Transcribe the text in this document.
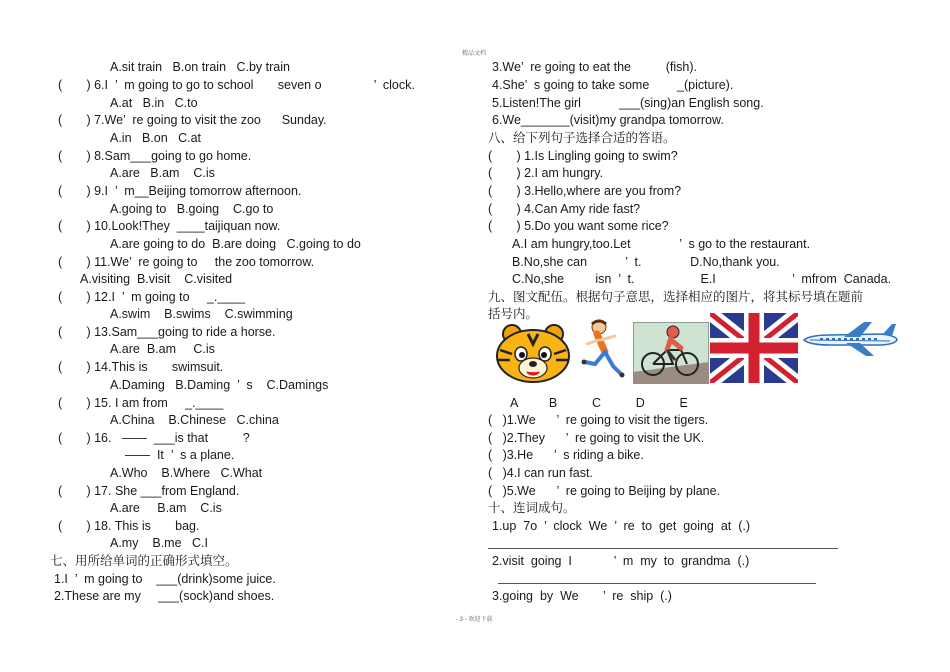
精品文档
A.sit train   B.on train   C.by train
(       ) 6.I  ’  m going to go to school       seven o               ’  clock.
A.at   B.in   C.to
(       ) 7.We’  re going to visit the zoo      Sunday.
A.in   B.on   C.at
(       ) 8.Sam___going to go home.
A.are   B.am    C.is
(       ) 9.I  ’  m__Beijing tomorrow afternoon.
A.going to   B.going    C.go to
(       ) 10.Look!They  ____taijiquan now.
A.are going to do  B.are doing   C.going to do
(       ) 11.We’  re going to     the zoo tomorrow.
A.visiting  B.visit    C.visited
(       ) 12.I  ’  m going to     _.____
A.swim    B.swims    C.swimming
(       ) 13.Sam___going to ride a horse.
A.are  B.am     C.is
(       ) 14.This is       swimsuit.
A.Daming   B.Daming  ’  s    C.Damings
(       ) 15. I am from     _.____
A.China    B.Chinese   C.china
(       ) 16.   ——  ___is that          ?
——  It  ’  s a plane.
A.Who    B.Where   C.What
(       ) 17. She ___from England.
A.are     B.am    C.is
(       ) 18. This is       bag.
A.my    B.me   C.I
七、用所给单词的正确形式填空。
1.I  ’  m going to    ___(drink)some juice.
2.These are my     ___(sock)and shoes.
3.We’  re going to eat the          (fish).
4.She’  s going to take some        _(picture).
5.Listen!The girl           ___(sing)an English song.
6.We_______(visit)my grandpa tomorrow.
八、给下列句子选择合适的答语。
(       ) 1.Is Lingling going to swim?
(       ) 2.I am hungry.
(       ) 3.Hello,where are you from?
(       ) 4.Can Amy ride fast?
(       ) 5.Do you want some rice?
A.I am hungry,too.Let              ’  s go to the restaurant.
B.No,she can           ’  t.              D.No,thank you.
C.No,she         isn  ’  t.                   E.I                      ’  mfrom  Canada.
九、图文配伍。根据句子意思，选择相应的图片，将其标号填在题前
括号内。
A         B          C          D          E
(   )1.We      ’  re going to visit the tigers.
(   )2.They      ’  re going to visit the UK.
(   )3.He      ’  s riding a bike.
(   )4.I can run fast.
(   )5.We      ’  re going to Beijing by plane.
十、连词成句。
1.up  7o  ’  clock  We  ’  re  to  get  going  at  (.)
2.visit  going  I            ’  m  my  to  grandma  (.)
3.going  by  We       ’  re  ship  (.)
- 3 - 欢迎下载
